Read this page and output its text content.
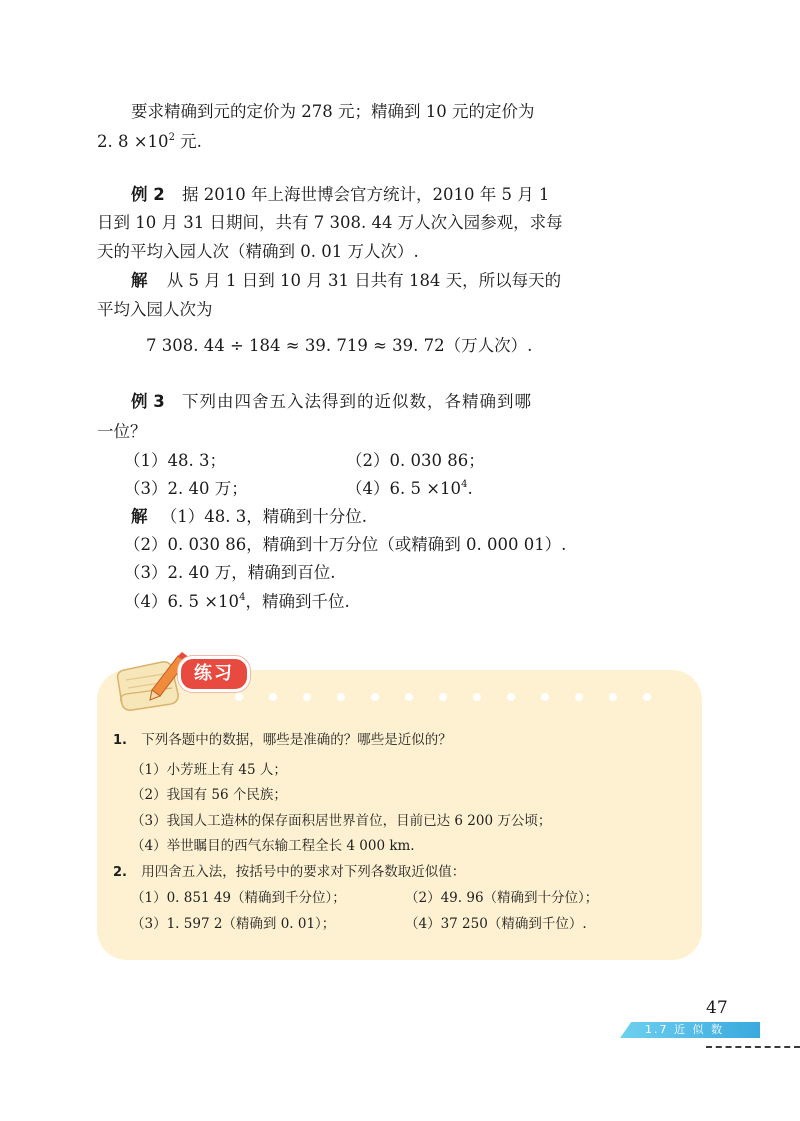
要求精确到元的定价为 278 元；精确到 10 元的定价为
2. $8 \times 10^2$ 元.
例 2 据 2010 年上海世博会官方统计，2010 年 5 月 1
日到 10 月 31 日期间，共有 7 308. 44 万人次入园参观，求每
天的平均入园人次（精确到 0. 01 万人次）.
解 从 5 月 1 日到 10 月 31 日共有 184 天，所以每天的
平均入园人次为
7 308. 44 ÷ 184 ≈ 39. 719 ≈ 39. 72（万人次）.
例 3 下列由四舍五入法得到的近似数，各精确到哪
一位？
（1）48. 3；	（2）0. 030 86；
（3）2. 40 万；	（4）6. $5 \times 10^4$.
解 （1）48. 3，精确到十分位.
（2）0. 030 86，精确到十万分位（或精确到 0. 000 01）.
（3）2. 40 万，精确到百位.
（4）6. $5 \times 10^4$，精确到千位.
练习
1. 下列各题中的数据，哪些是准确的？哪些是近似的？
（1）小芳班上有 45 人；
（2）我国有 56 个民族；
（3）我国人工造林的保存面积居世界首位，目前已达 6 200 万公顷；
（4）举世瞩目的西气东输工程全长 4 000 km.
2. 用四舍五入法，按括号中的要求对下列各数取近似值：
（1）0. 851 49（精确到千分位）；	（2）49. 96（精确到十分位）；
（3）1. 597 2（精确到 0. 01）；	（4）37 250（精确到千位）.
47
1.7 近 似 数
